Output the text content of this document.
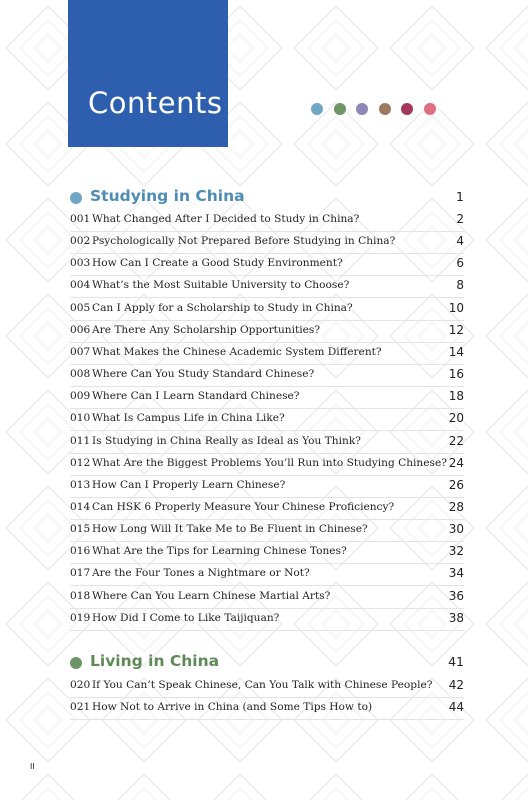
Contents
Studying in China	1
001 What Changed After I Decided to Study in China?	2
002 Psychologically Not Prepared Before Studying in China?	4
003 How Can I Create a Good Study Environment?	6
004 What’s the Most Suitable University to Choose?	8
005 Can I Apply for a Scholarship to Study in China?	10
006 Are There Any Scholarship Opportunities?	12
007 What Makes the Chinese Academic System Different?	14
008 Where Can You Study Standard Chinese?	16
009 Where Can I Learn Standard Chinese?	18
010 What Is Campus Life in China Like?	20
011 Is Studying in China Really as Ideal as You Think?	22
012 What Are the Biggest Problems You’ll Run into Studying Chinese? 24
013 How Can I Properly Learn Chinese?	26
014 Can HSK 6 Properly Measure Your Chinese Proficiency?	28
015 How Long Will It Take Me to Be Fluent in Chinese?	30
016 What Are the Tips for Learning Chinese Tones?	32
017 Are the Four Tones a Nightmare or Not?	34
018 Where Can You Learn Chinese Martial Arts?	36
019 How Did I Come to Like Taijiquan?	38
Living in China	41
020 If You Can’t Speak Chinese, Can You Talk with Chinese People? 42
021 How Not to Arrive in China (and Some Tips How to)	44
II
